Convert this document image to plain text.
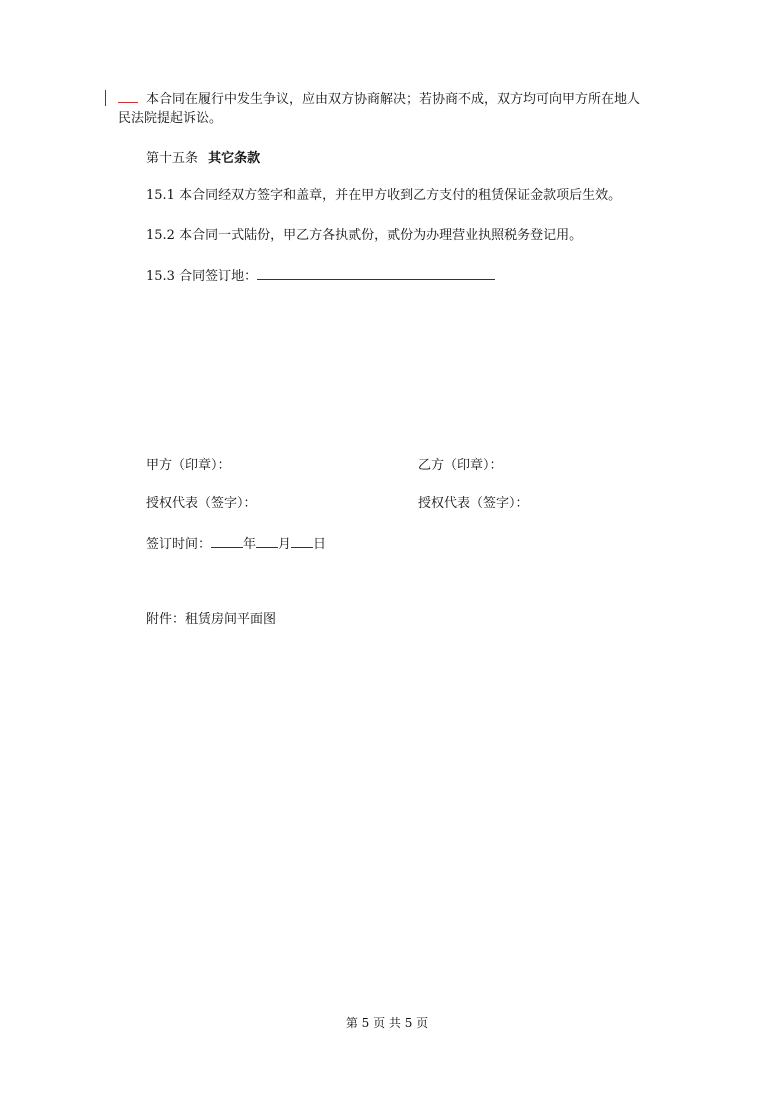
本合同在履行中发生争议，应由双方协商解决；若协商不成，双方均可向甲方所在地人
民法院提起诉讼。
第十五条 其它条款
15.1 本合同经双方签字和盖章，并在甲方收到乙方支付的租赁保证金款项后生效。
15.2 本合同一式陆份，甲乙方各执贰份，贰份为办理营业执照税务登记用。
15.3 合同签订地：
甲方（印章）：	乙方（印章）：
授权代表（签字）：	授权代表（签字）：
签订时间： 年 月 日
附件：租赁房间平面图
第 5 页 共 5 页
